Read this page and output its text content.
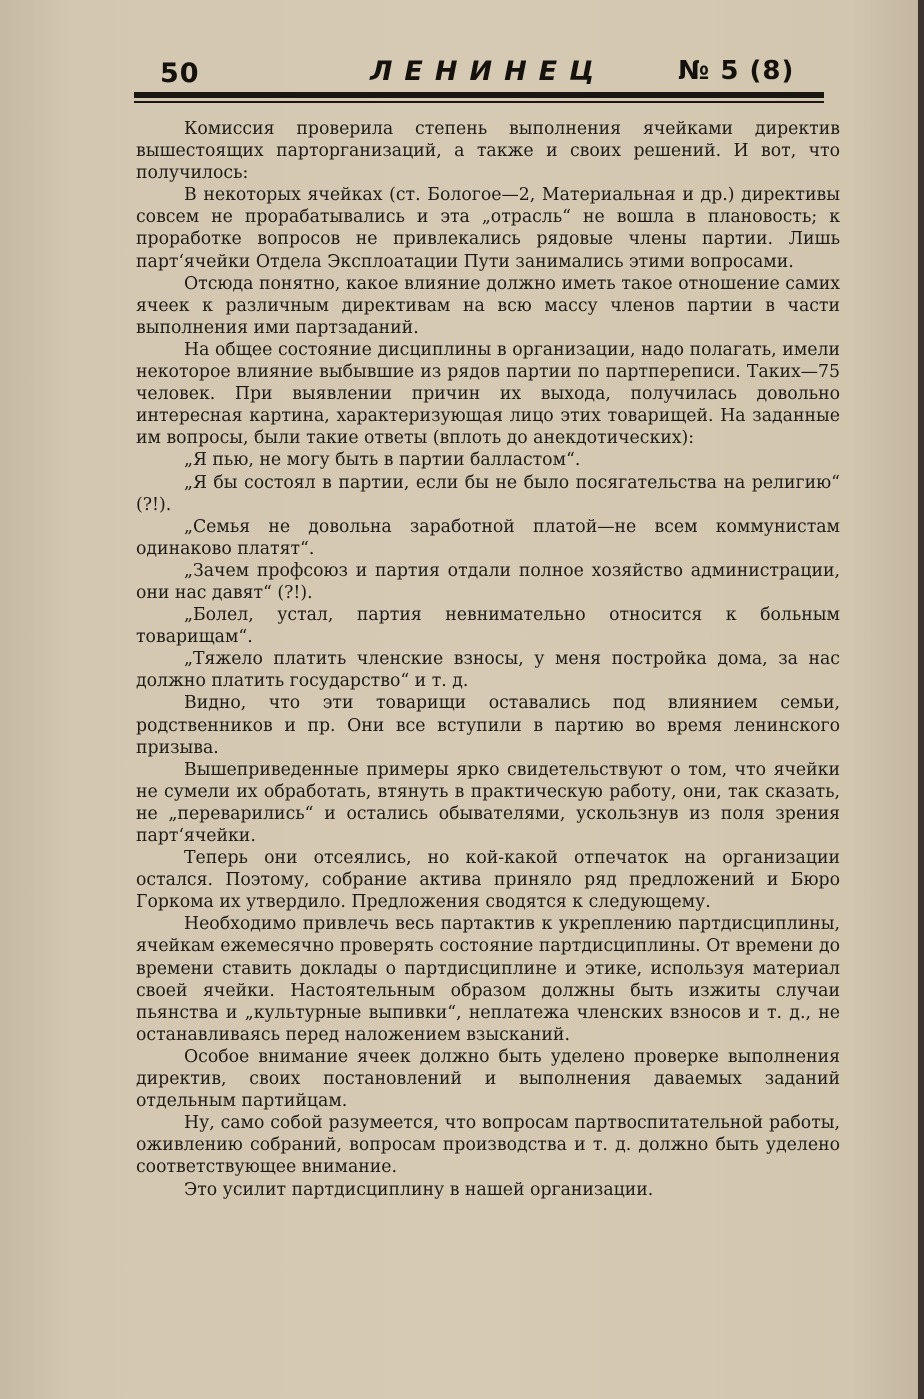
50	ЛЕНИНЕЦ	№ 5 (8)

Комиссия проверила степень выполнения ячейками директив вышестоящих парторганизаций, а также и своих решений. И вот, что получилось:

В некоторых ячейках (ст. Бологое—2, Материальная и др.) директивы совсем не прорабатывались и эта „отрасль“ не вошла в плановость; к проработке вопросов не привлекались рядовые члены партии. Лишь парт‘ячейки Отдела Эксплоатации Пути занимались этими вопросами.

Отсюда понятно, какое влияние должно иметь такое отношение самих ячеек к различным директивам на всю массу членов партии в части выполнения ими партзаданий.

На общее состояние дисциплины в организации, надо полагать, имели некоторое влияние выбывшие из рядов партии по партпереписи. Таких—75 человек. При выявлении причин их выхода, получилась довольно интересная картина, характеризующая лицо этих товарищей. На заданные им вопросы, были такие ответы (вплоть до анекдотических):

„Я пью, не могу быть в партии балластом“.

„Я бы состоял в партии, если бы не было посягательства на религию“ (?!).

„Семья не довольна заработной платой—не всем коммунистам одинаково платят“.

„Зачем профсоюз и партия отдали полное хозяйство администрации, они нас давят“ (?!).

„Болел, устал, партия невнимательно относится к больным товарищам“.

„Тяжело платить членские взносы, у меня постройка дома, за нас должно платить государство“ и т. д.

Видно, что эти товарищи оставались под влиянием семьи, родственников и пр. Они все вступили в партию во время ленинского призыва.

Вышеприведенные примеры ярко свидетельствуют о том, что ячейки не сумели их обработать, втянуть в практическую работу, они, так сказать, не „переварились“ и остались обывателями, ускользнув из поля зрения парт‘ячейки.

Теперь они отсеялись, но кой-какой отпечаток на организации остался. Поэтому, собрание актива приняло ряд предложений и Бюро Горкома их утвердило. Предложения сводятся к следующему.

Необходимо привлечь весь партактив к укреплению партдисциплины, ячейкам ежемесячно проверять состояние партдисциплины. От времени до времени ставить доклады о партдисциплине и этике, используя материал своей ячейки. Настоятельным образом должны быть изжиты случаи пьянства и „культурные выпивки“, неплатежа членских взносов и т. д., не останавливаясь перед наложением взысканий.

Особое внимание ячеек должно быть уделено проверке выполнения директив, своих постановлений и выполнения даваемых заданий отдельным партийцам.

Ну, само собой разумеется, что вопросам партвоспитательной работы, оживлению собраний, вопросам производства и т. д. должно быть уделено соответствующее внимание.

Это усилит партдисциплину в нашей организации.
